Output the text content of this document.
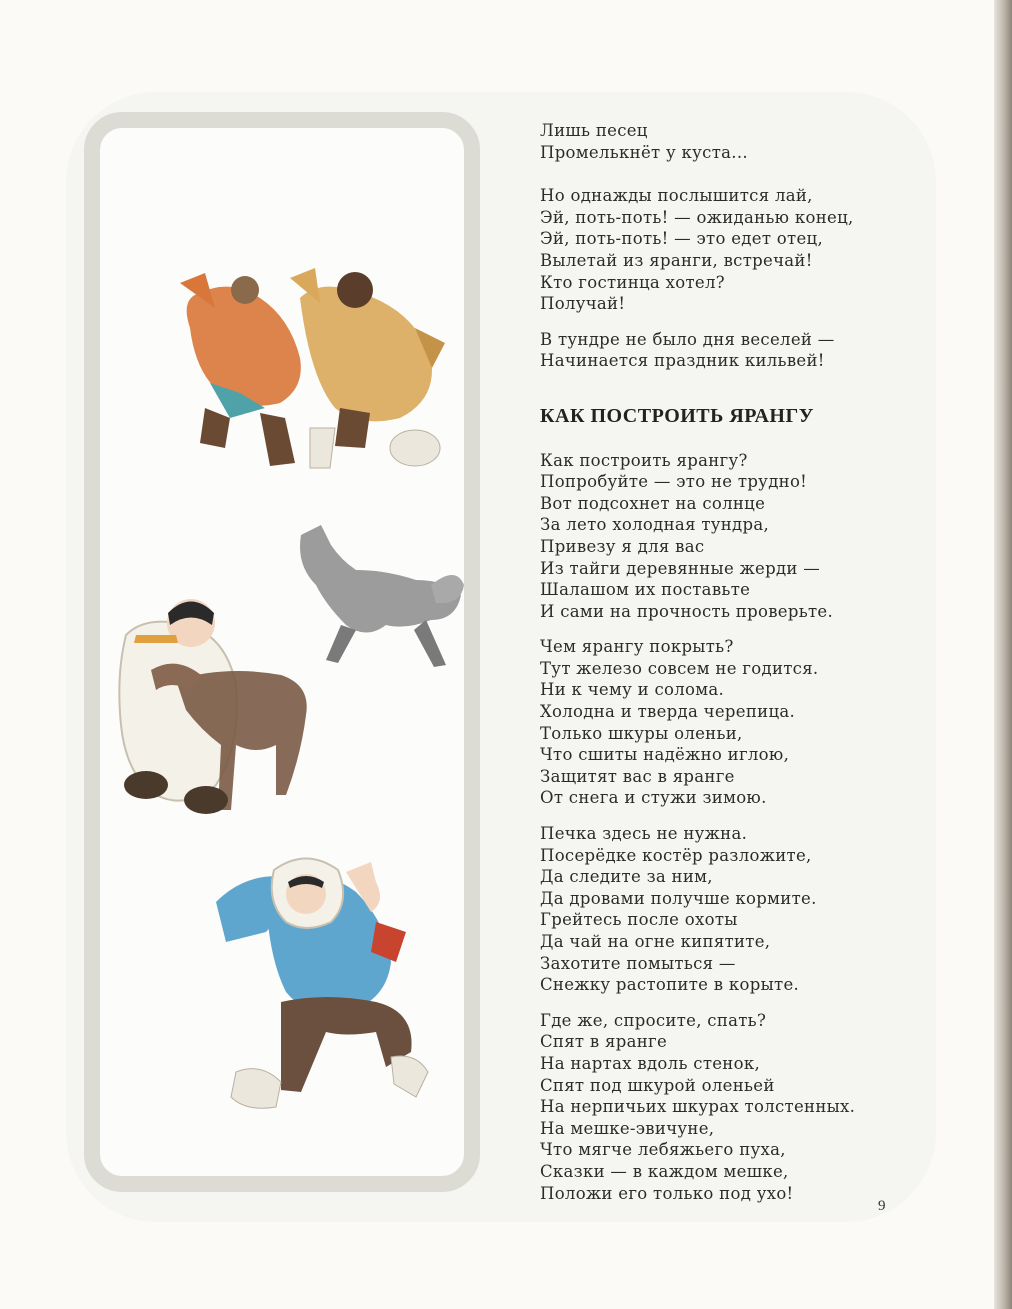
Лишь песец
Промелькнёт у куста...
Но однажды послышится лай,
Эй, поть-поть! — ожиданью конец,
Эй, поть-поть! — это едет отец,
Вылетай из яранги, встречай!
Кто гостинца хотел?
Получай!
В тундре не было дня веселей —
Начинается праздник кильвей!
КАК ПОСТРОИТЬ ЯРАНГУ
Как построить ярангу?
Попробуйте — это не трудно!
Вот подсохнет на солнце
За лето холодная тундра,
Привезу я для вас
Из тайги деревянные жерди —
Шалашом их поставьте
И сами на прочность проверьте.
Чем ярангу покрыть?
Тут железо совсем не годится.
Ни к чему и солома.
Холодна и тверда черепица.
Только шкуры оленьи,
Что сшиты надёжно иглою,
Защитят вас в яранге
От снега и стужи зимою.
Печка здесь не нужна.
Посерёдке костёр разложите,
Да следите за ним,
Да дровами получше кормите.
Грейтесь после охоты
Да чай на огне кипятите,
Захотите помыться —
Снежку растопите в корыте.
Где же, спросите, спать?
Спят в яранге
На нартах вдоль стенок,
Спят под шкурой оленьей
На нерпичьих шкурах толстенных.
На мешке-эвичуне,
Что мягче лебяжьего пуха,
Сказки — в каждом мешке,
Положи его только под ухо!
9
